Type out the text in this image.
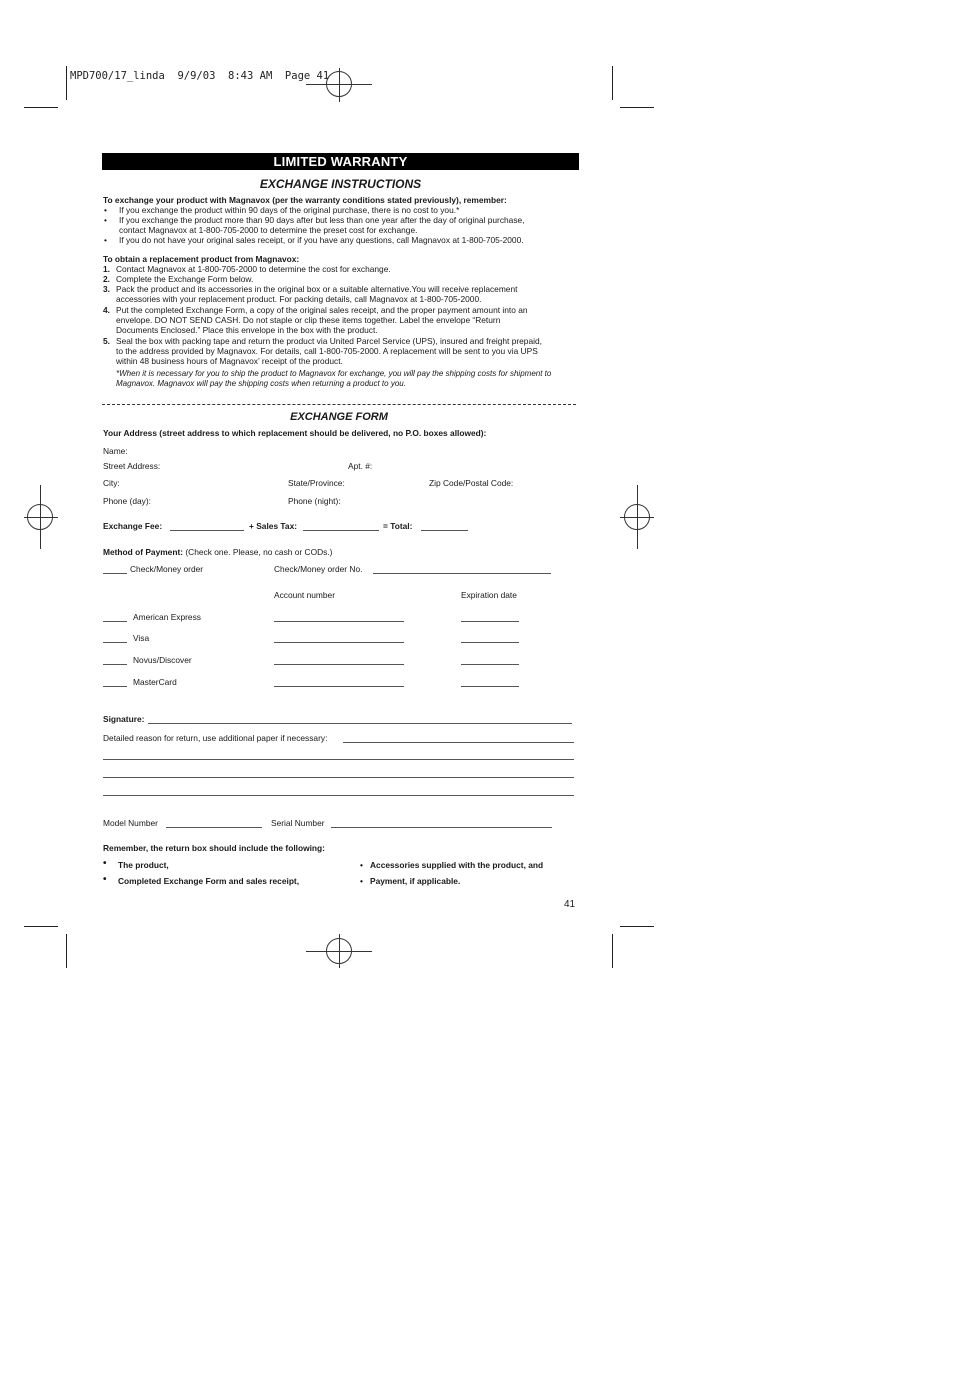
MPD700/17_linda  9/9/03  8:43 AM  Page 41
LIMITED WARRANTY
EXCHANGE INSTRUCTIONS
To exchange your product with Magnavox (per the warranty conditions stated previously), remember:
• If you exchange the product within 90 days of the original purchase, there is no cost to you.*
• If you exchange the product more than 90 days after but less than one year after the day of original purchase,
contact Magnavox at 1-800-705-2000 to determine the preset cost for exchange.
• If you do not have your original sales receipt, or if you have any questions, call Magnavox at 1-800-705-2000.
To obtain a replacement product from Magnavox:
1. Contact Magnavox at 1-800-705-2000 to determine the cost for exchange.
2. Complete the Exchange Form below.
3. Pack the product and its accessories in the original box or a suitable alternative.You will receive replacement
accessories with your replacement product. For packing details, call Magnavox at 1-800-705-2000.
4. Put the completed Exchange Form, a copy of the original sales receipt, and the proper payment amount into an
envelope. DO NOT SEND CASH. Do not staple or clip these items together. Label the envelope “Return
Documents Enclosed.” Place this envelope in the box with the product.
5. Seal the box with packing tape and return the product via United Parcel Service (UPS), insured and freight prepaid,
to the address provided by Magnavox. For details, call 1-800-705-2000. A replacement will be sent to you via UPS
within 48 business hours of Magnavox’ receipt of the product.
*When it is necessary for you to ship the product to Magnavox for exchange, you will pay the shipping costs for shipment to
Magnavox. Magnavox will pay the shipping costs when returning a product to you.
EXCHANGE FORM
Your Address (street address to which replacement should be delivered, no P.O. boxes allowed):
Name:
Street Address:	Apt. #:
City:	State/Province:	Zip Code/Postal Code:
Phone (day):	Phone (night):
Exchange Fee:	+ Sales Tax:	= Total:
Method of Payment: (Check one. Please, no cash or CODs.)
Check/Money order	Check/Money order No.
Account number	Expiration date
American Express
Visa
Novus/Discover
MasterCard
Signature:
Detailed reason for return, use additional paper if necessary:
Model Number	Serial Number
Remember, the return box should include the following:
• The product,
• Completed Exchange Form and sales receipt,
• Accessories supplied with the product, and
• Payment, if applicable.
41
